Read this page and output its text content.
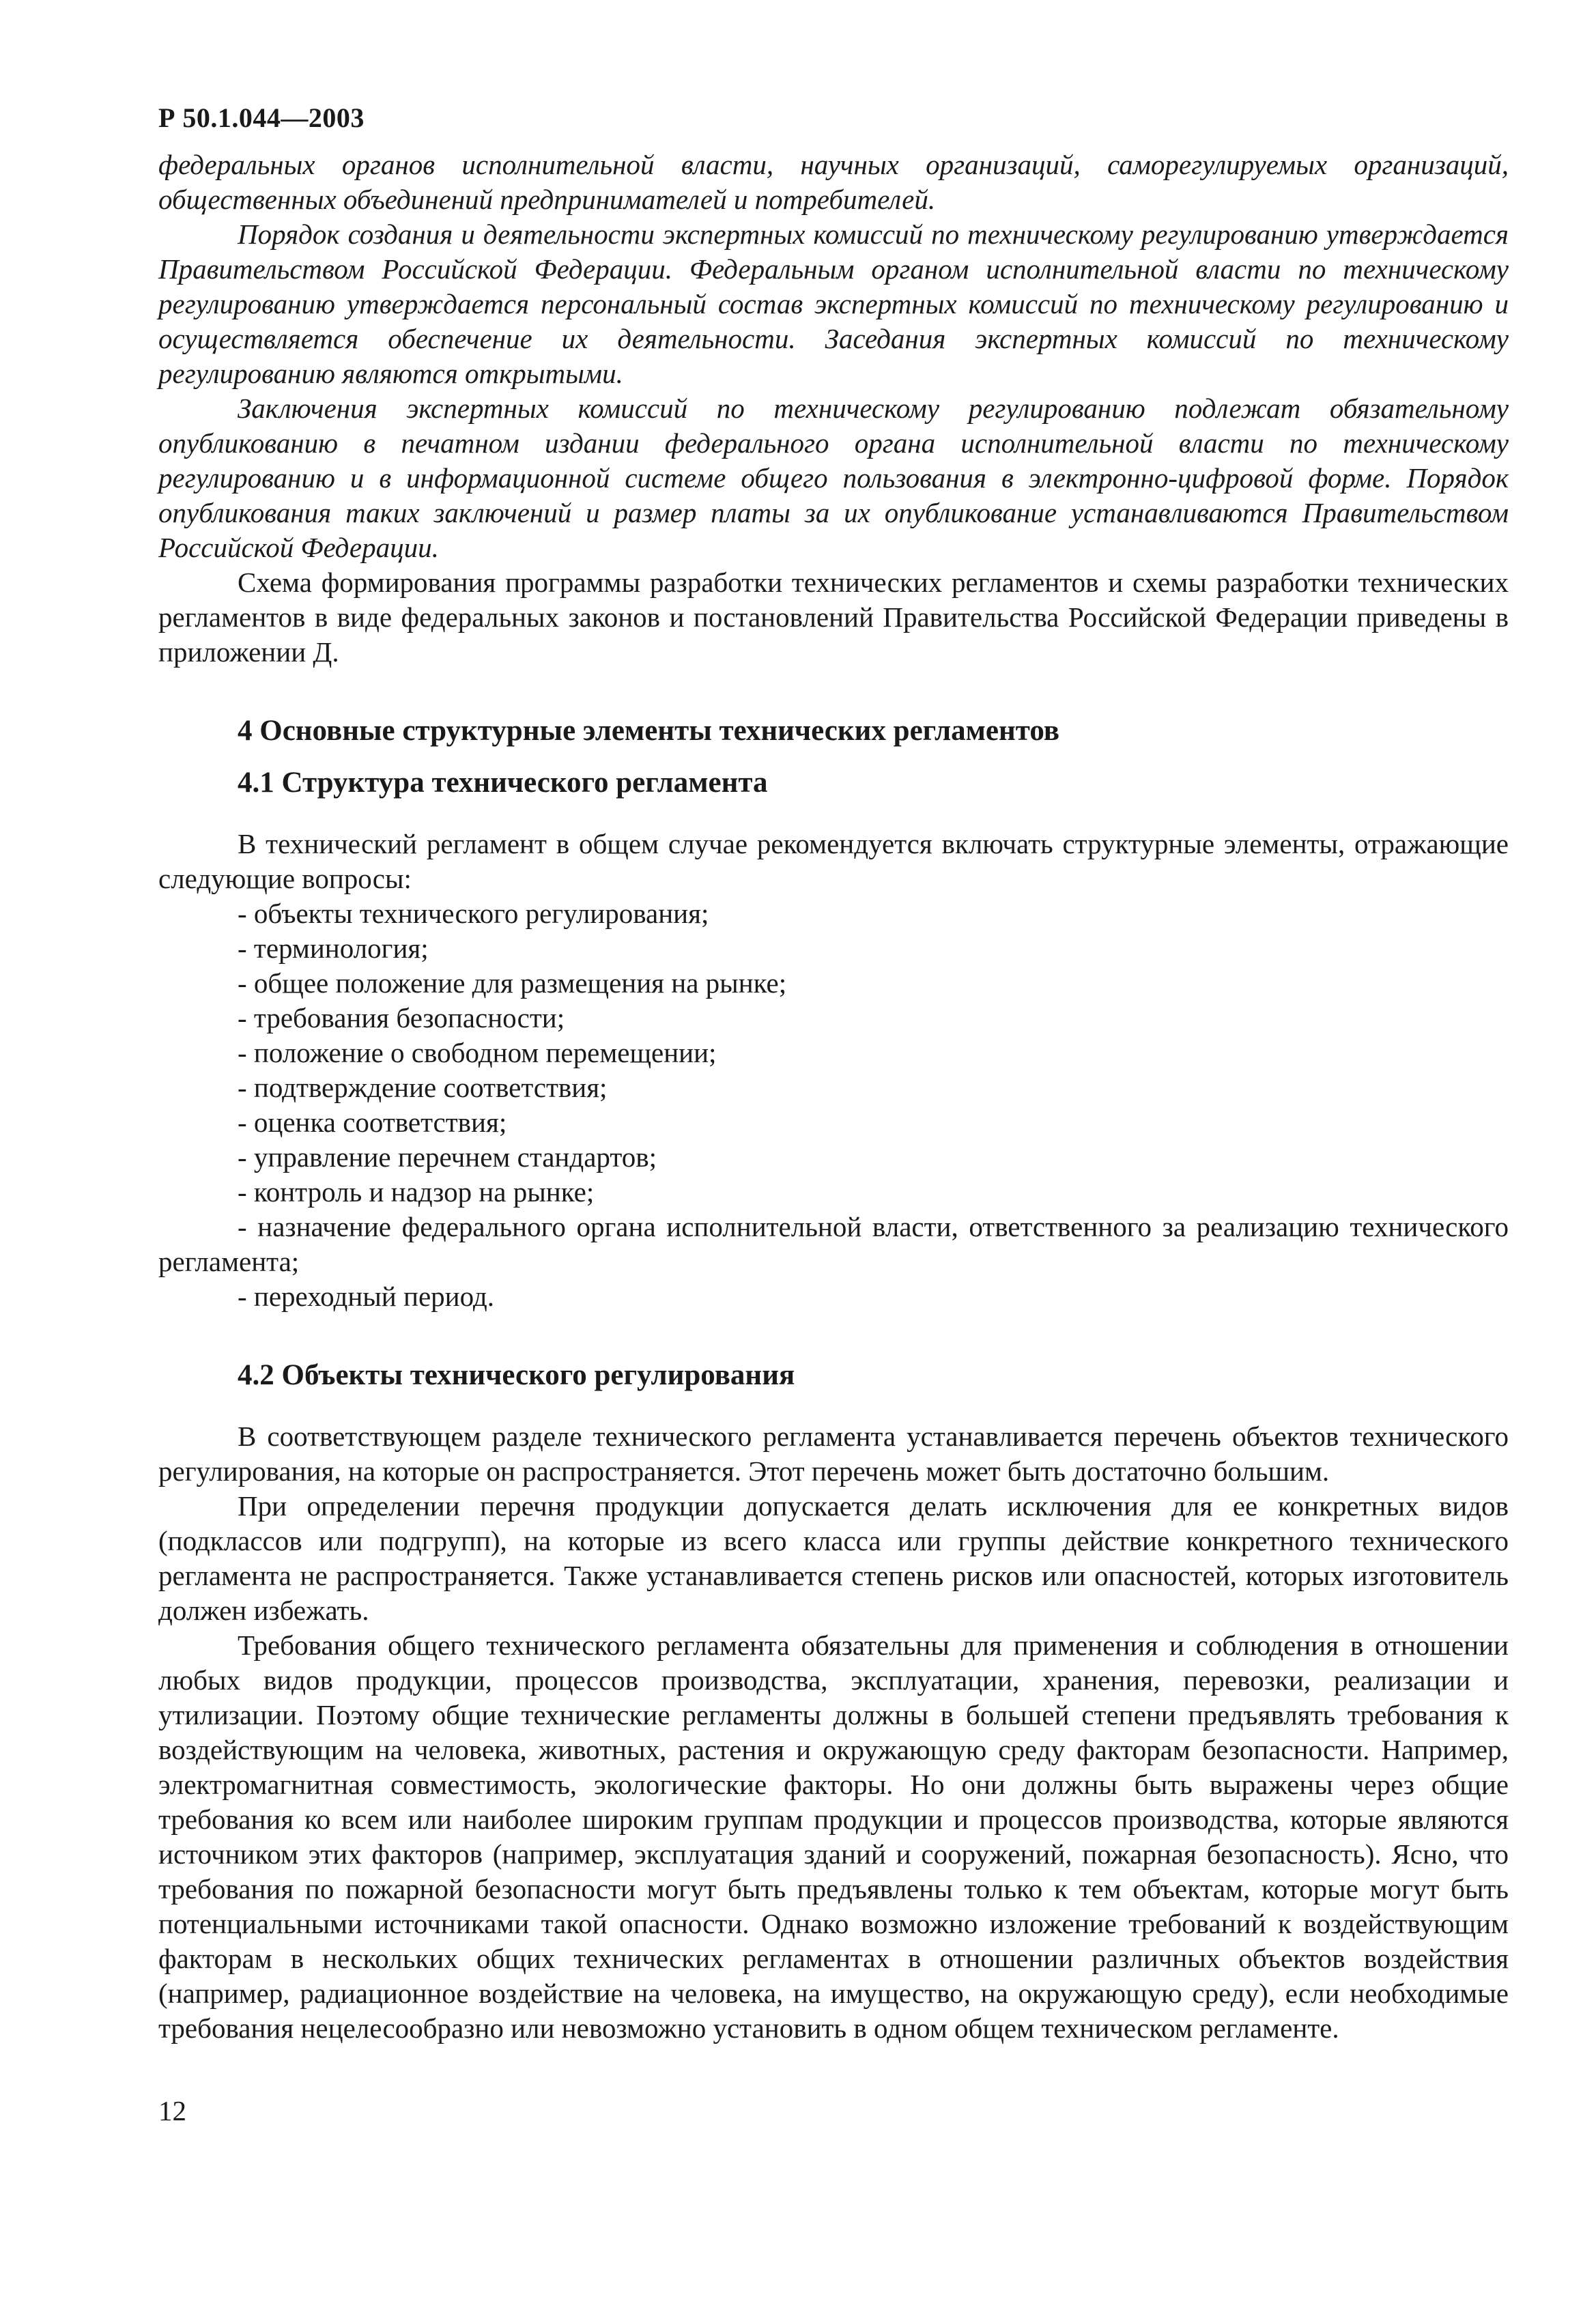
Р 50.1.044—2003

федеральных органов исполнительной власти, научных организаций, саморегулируемых организаций, общественных объединений предпринимателей и потребителей.

Порядок создания и деятельности экспертных комиссий по техническому регулированию утверждается Правительством Российской Федерации. Федеральным органом исполнительной власти по техническому регулированию утверждается персональный состав экспертных комиссий по техническому регулированию и осуществляется обеспечение их деятельности. Заседания экспертных комиссий по техническому регулированию являются открытыми.

Заключения экспертных комиссий по техническому регулированию подлежат обязательному опубликованию в печатном издании федерального органа исполнительной власти по техническому регулированию и в информационной системе общего пользования в электронно-цифровой форме. Порядок опубликования таких заключений и размер платы за их опубликование устанавливаются Правительством Российской Федерации.

Схема формирования программы разработки технических регламентов и схемы разработки технических регламентов в виде федеральных законов и постановлений Правительства Российской Федерации приведены в приложении Д.

4 Основные структурные элементы технических регламентов
4.1 Структура технического регламента

В технический регламент в общем случае рекомендуется включать структурные элементы, отражающие следующие вопросы:

- объекты технического регулирования;
- терминология;
- общее положение для размещения на рынке;
- требования безопасности;
- положение о свободном перемещении;
- подтверждение соответствия;
- оценка соответствия;
- управление перечнем стандартов;
- контроль и надзор на рынке;
- назначение федерального органа исполнительной власти, ответственного за реализацию технического регламента;
- переходный период.
4.2 Объекты технического регулирования

В соответствующем разделе технического регламента устанавливается перечень объектов технического регулирования, на которые он распространяется. Этот перечень может быть достаточно большим.

При определении перечня продукции допускается делать исключения для ее конкретных видов (подклассов или подгрупп), на которые из всего класса или группы действие конкретного технического регламента не распространяется. Также устанавливается степень рисков или опасностей, которых изготовитель должен избежать.

Требования общего технического регламента обязательны для применения и соблюдения в отношении любых видов продукции, процессов производства, эксплуатации, хранения, перевозки, реализации и утилизации. Поэтому общие технические регламенты должны в большей степени предъявлять требования к воздействующим на человека, животных, растения и окружающую среду факторам безопасности. Например, электромагнитная совместимость, экологические факторы. Но они должны быть выражены через общие требования ко всем или наиболее широким группам продукции и процессов производства, которые являются источником этих факторов (например, эксплуатация зданий и сооружений, пожарная безопасность). Ясно, что требования по пожарной безопасности могут быть предъявлены только к тем объектам, которые могут быть потенциальными источниками такой опасности. Однако возможно изложение требований к воздействующим факторам в нескольких общих технических регламентах в отношении различных объектов воздействия (например, радиационное воздействие на человека, на имущество, на окружающую среду), если необходимые требования нецелесообразно или невозможно установить в одном общем техническом регламенте.

12
